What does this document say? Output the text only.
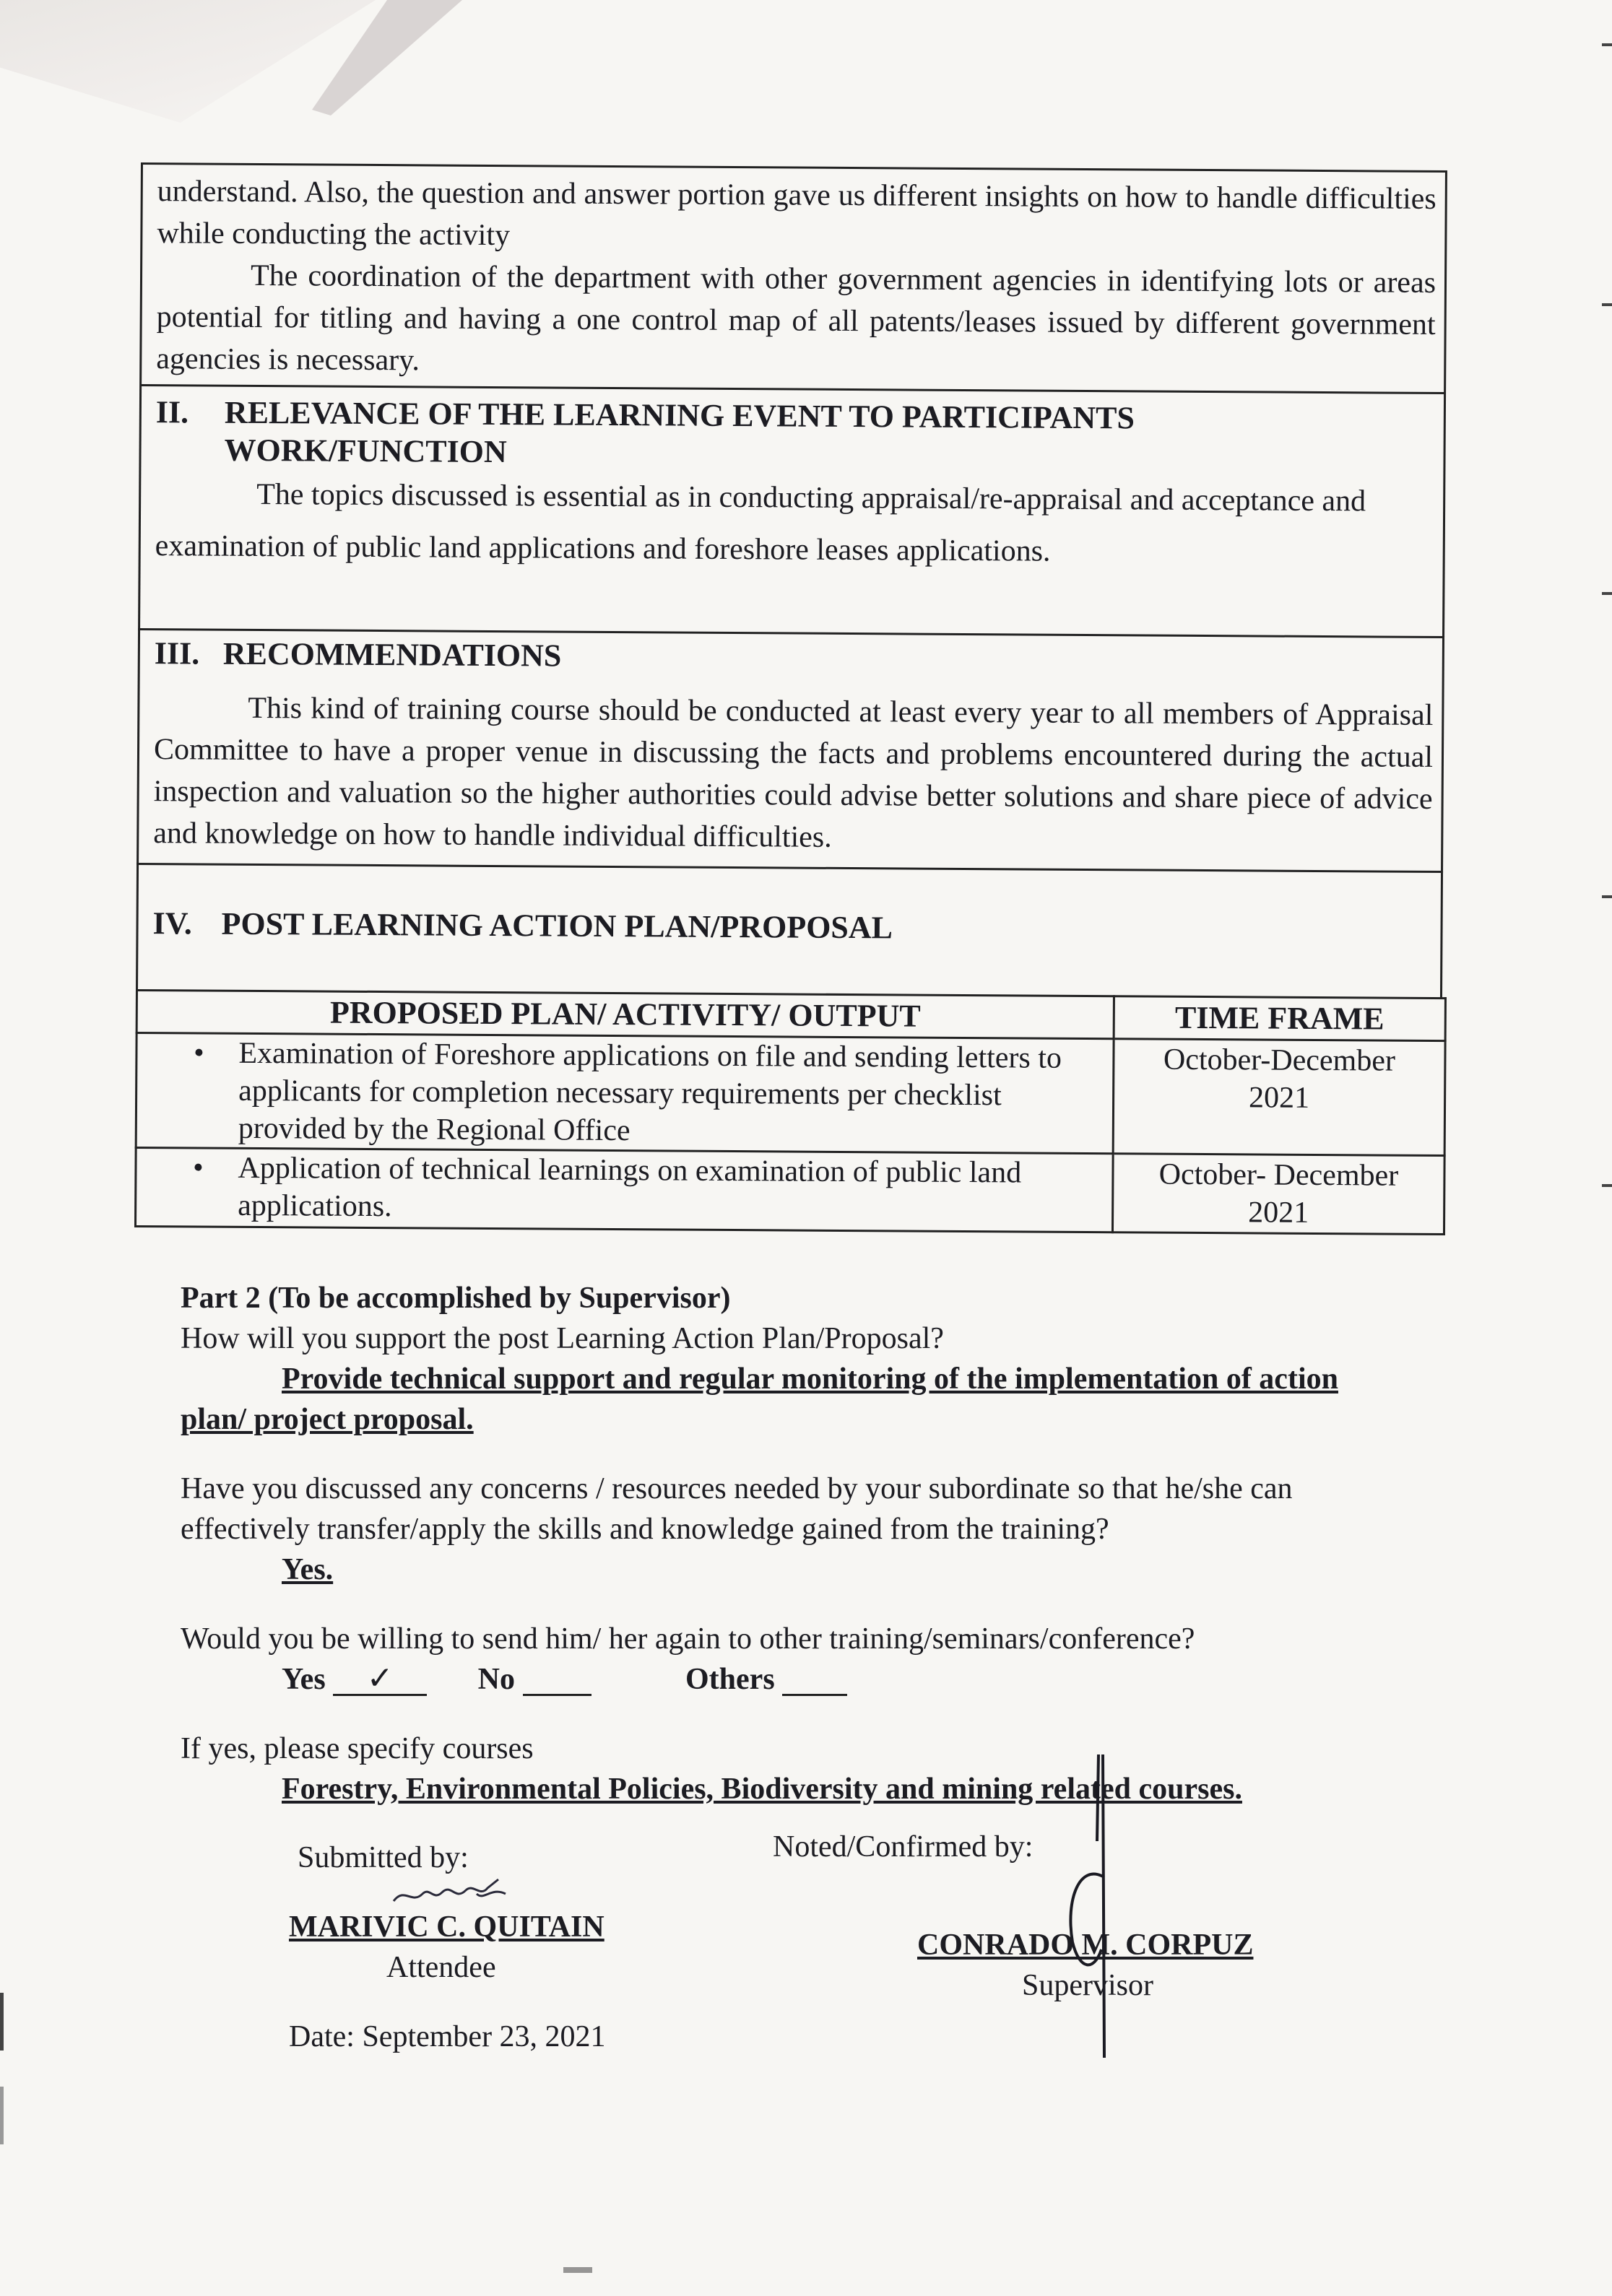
understand. Also, the question and answer portion gave us different insights on how to handle difficulties while conducting the activity

The coordination of the department with other government agencies in identifying lots or areas potential for titling and having a one control map of all patents/leases issued by different government agencies is necessary.

II. RELEVANCE OF THE LEARNING EVENT TO PARTICIPANTS
WORK/FUNCTION

The topics discussed is essential as in conducting appraisal/re-appraisal and acceptance and
examination of public land applications and foreshore leases applications.

III. RECOMMENDATIONS

This kind of training course should be conducted at least every year to all members of Appraisal Committee to have a proper venue in discussing the facts and problems encountered during the actual inspection and valuation so the higher authorities could advise better solutions and share piece of advice and knowledge on how to handle individual difficulties.

IV. POST LEARNING ACTION PLAN/PROPOSAL
PROPOSED PLAN/ ACTIVITY/ OUTPUT	TIME FRAME
• Examination of Foreshore applications on file and sending letters to applicants for completion necessary requirements per checklist provided by the Regional Office	October-December
2021
• Application of technical learnings on examination of public land applications.	October- December
2021

Part 2 (To be accomplished by Supervisor)

How will you support the post Learning Action Plan/Proposal?

Provide technical support and regular monitoring of the implementation of action

plan/ project proposal.

Have you discussed any concerns / resources needed by your subordinate so that he/she can

effectively transfer/apply the skills and knowledge gained from the training?

Yes.

Would you be willing to send him/ her again to other training/seminars/conference?

Yes ✓	No	Others

If yes, please specify courses

Forestry, Environmental Policies, Biodiversity and mining related courses.

Submitted by:
MARIVIC C. QUITAIN
Attendee
Date: September 23, 2021
Noted/Confirmed by:
CONRADO M. CORPUZ
Supervisor
